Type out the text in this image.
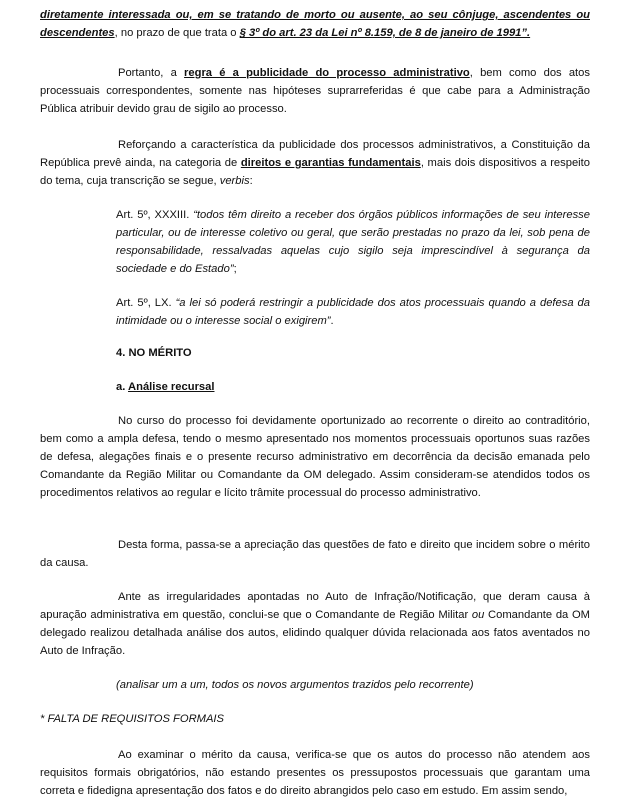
diretamente interessada ou, em se tratando de morto ou ausente, ao seu cônjuge, ascendentes ou descendentes, no prazo de que trata o § 3º do art. 23 da Lei nº 8.159, de 8 de janeiro de 1991”.

Portanto, a regra é a publicidade do processo administrativo, bem como dos atos processuais correspondentes, somente nas hipóteses suprarreferidas é que cabe para a Administração Pública atribuir devido grau de sigilo ao processo.

Reforçando a característica da publicidade dos processos administrativos, a Constituição da República prevê ainda, na categoria de direitos e garantias fundamentais, mais dois dispositivos a respeito do tema, cuja transcrição se segue, verbis:

Art. 5º, XXXIII. “todos têm direito a receber dos órgãos públicos informações de seu interesse particular, ou de interesse coletivo ou geral, que serão prestadas no prazo da lei, sob pena de responsabilidade, ressalvadas aquelas cujo sigilo seja imprescindível à segurança da sociedade e do Estado”;

Art. 5º, LX. “a lei só poderá restringir a publicidade dos atos processuais quando a defesa da intimidade ou o interesse social o exigirem”.

4. NO MÉRITO

a. Análise recursal

No curso do processo foi devidamente oportunizado ao recorrente o direito ao contraditório, bem como a ampla defesa, tendo o mesmo apresentado nos momentos processuais oportunos suas razões de defesa, alegações finais e o presente recurso administrativo em decorrência da decisão emanada pelo Comandante da Região Militar ou Comandante da OM delegado. Assim consideram-se atendidos todos os procedimentos relativos ao regular e lícito trâmite processual do processo administrativo.

Desta forma, passa-se a apreciação das questões de fato e direito que incidem sobre o mérito da causa.

Ante as irregularidades apontadas no Auto de Infração/Notificação, que deram causa à apuração administrativa em questão, conclui-se que o Comandante de Região Militar ou Comandante da OM delegado realizou detalhada análise dos autos, elidindo qualquer dúvida relacionada aos fatos aventados no Auto de Infração.

(analisar um a um, todos os novos argumentos trazidos pelo recorrente)

* FALTA DE REQUISITOS FORMAIS

Ao examinar o mérito da causa, verifica-se que os autos do processo não atendem aos requisitos formais obrigatórios, não estando presentes os pressupostos processuais que garantam uma correta e fidedigna apresentação dos fatos e do direito abrangidos pelo caso em estudo. Em assim sendo,
